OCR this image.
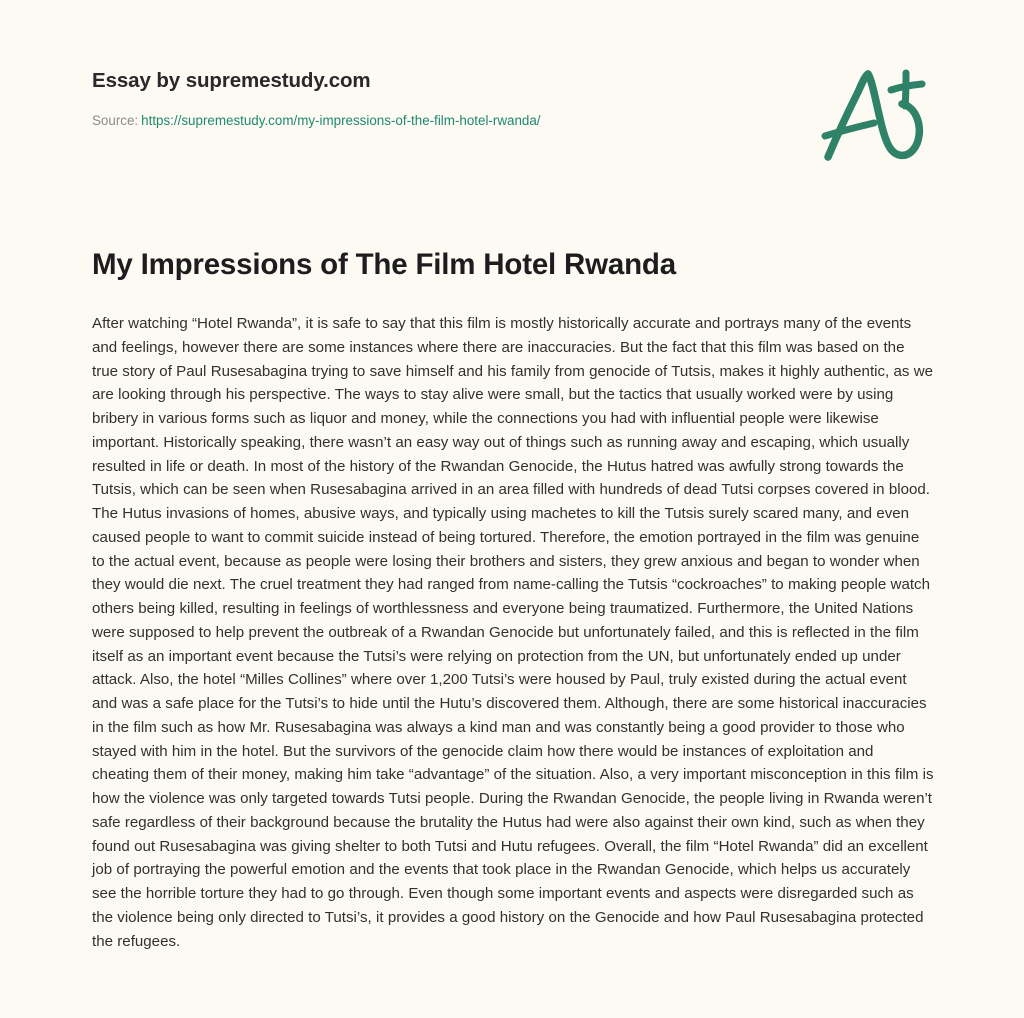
Essay by supremestudy.com
Source: https://supremestudy.com/my-impressions-of-the-film-hotel-rwanda/
My Impressions of The Film Hotel Rwanda

After watching “Hotel Rwanda”, it is safe to say that this film is mostly historically accurate and portrays many of the events and feelings, however there are some instances where there are inaccuracies. But the fact that this film was based on the true story of Paul Rusesabagina trying to save himself and his family from genocide of Tutsis, makes it highly authentic, as we are looking through his perspective. The ways to stay alive were small, but the tactics that usually worked were by using bribery in various forms such as liquor and money, while the connections you had with influential people were likewise important. Historically speaking, there wasn’t an easy way out of things such as running away and escaping, which usually resulted in life or death. In most of the history of the Rwandan Genocide, the Hutus hatred was awfully strong towards the Tutsis, which can be seen when Rusesabagina arrived in an area filled with hundreds of dead Tutsi corpses covered in blood. The Hutus invasions of homes, abusive ways, and typically using machetes to kill the Tutsis surely scared many, and even caused people to want to commit suicide instead of being tortured. Therefore, the emotion portrayed in the film was genuine to the actual event, because as people were losing their brothers and sisters, they grew anxious and began to wonder when they would die next. The cruel treatment they had ranged from name-calling the Tutsis “cockroaches” to making people watch others being killed, resulting in feelings of worthlessness and everyone being traumatized. Furthermore, the United Nations were supposed to help prevent the outbreak of a Rwandan Genocide but unfortunately failed, and this is reflected in the film itself as an important event because the Tutsi’s were relying on protection from the UN, but unfortunately ended up under attack. Also, the hotel “Milles Collines” where over 1,200 Tutsi’s were housed by Paul, truly existed during the actual event and was a safe place for the Tutsi’s to hide until the Hutu’s discovered them. Although, there are some historical inaccuracies in the film such as how Mr. Rusesabagina was always a kind man and was constantly being a good provider to those who stayed with him in the hotel. But the survivors of the genocide claim how there would be instances of exploitation and cheating them of their money, making him take “advantage” of the situation. Also, a very important misconception in this film is how the violence was only targeted towards Tutsi people. During the Rwandan Genocide, the people living in Rwanda weren’t safe regardless of their background because the brutality the Hutus had were also against their own kind, such as when they found out Rusesabagina was giving shelter to both Tutsi and Hutu refugees. Overall, the film “Hotel Rwanda” did an excellent job of portraying the powerful emotion and the events that took place in the Rwandan Genocide, which helps us accurately see the horrible torture they had to go through. Even though some important events and aspects were disregarded such as the violence being only directed to Tutsi’s, it provides a good history on the Genocide and how Paul Rusesabagina protected the refugees.
